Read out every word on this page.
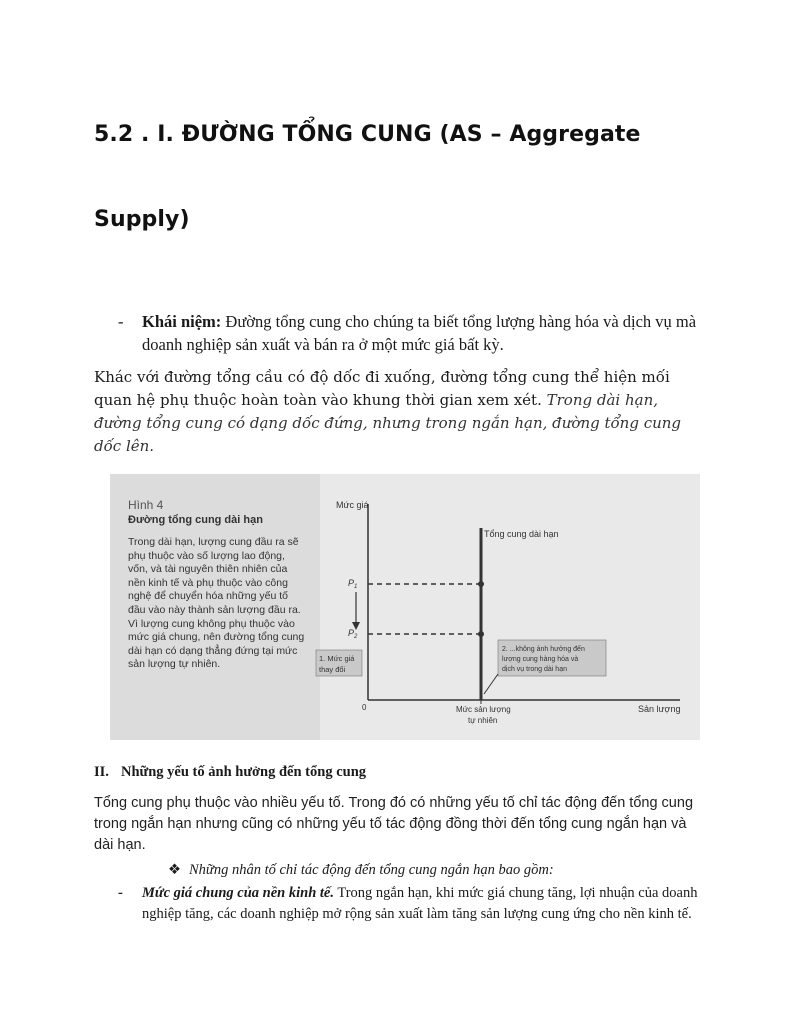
5.2 . I. ĐƯỜNG TỔNG CUNG (AS – Aggregate
Supply)
- Khái niệm: Đường tổng cung cho chúng ta biết tổng lượng hàng hóa và dịch vụ mà doanh nghiệp sản xuất và bán ra ở một mức giá bất kỳ.
Khác với đường tổng cầu có độ dốc đi xuống, đường tổng cung thể hiện mối quan hệ phụ thuộc hoàn toàn vào khung thời gian xem xét. Trong dài hạn, đường tổng cung có dạng dốc đứng, nhưng trong ngắn hạn, đường tổng cung dốc lên.
Hình 4
Đường tổng cung dài hạn
Trong dài hạn, lượng cung đầu ra sẽ phụ thuộc vào số lượng lao động, vốn, và tài nguyên thiên nhiên của nền kinh tế và phụ thuộc vào công nghệ để chuyển hóa những yếu tố đầu vào này thành sản lượng đầu ra. Vì lượng cung không phụ thuộc vào mức giá chung, nên đường tổng cung dài hạn có dạng thẳng đứng tại mức sản lượng tự nhiên.
Mức giá
Sản lượng
0
Tổng cung dài hạn
$P_1$
$P_2$
1. Mức giá
thay đổi
2. ...không ảnh hưởng đến
lượng cung hàng hóa và
dịch vụ trong dài hạn
Mức sản lượng
tự nhiên
II. Những yếu tố ảnh hưởng đến tổng cung
Tổng cung phụ thuộc vào nhiều yếu tố. Trong đó có những yếu tố chỉ tác động đến tổng cung trong ngắn hạn nhưng cũng có những yếu tố tác động đồng thời đến tổng cung ngắn hạn và dài hạn.
❖ Những nhân tố chỉ tác động đến tổng cung ngắn hạn bao gồm:
- Mức giá chung của nền kinh tế. Trong ngắn hạn, khi mức giá chung tăng, lợi nhuận của doanh nghiệp tăng, các doanh nghiệp mở rộng sản xuất làm tăng sản lượng cung ứng cho nền kinh tế.
